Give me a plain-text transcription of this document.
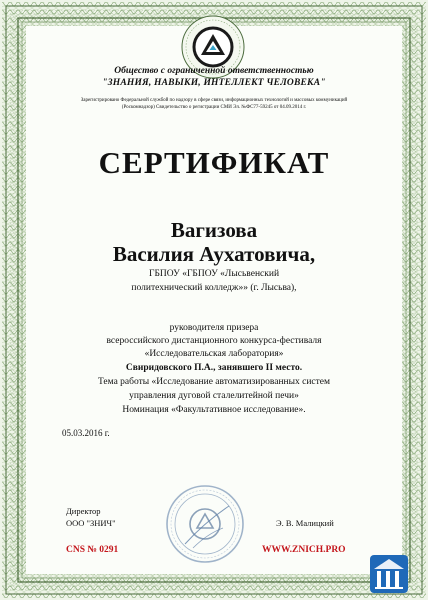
Общество с ограниченной ответственностью
"ЗНАНИЯ, НАВЫКИ, ИНТЕЛЛЕКТ ЧЕЛОВЕКА"
Зарегистрировано Федеральной службой по надзору в сфере связи, информационных технологий и массовых коммуникаций (Роскомнадзор) Свидетельство о регистрации СМИ Эл. №ФС77-59245 от 04.09.2014 г.
СЕРТИФИКАТ
Вагизова
Василия Аухатовича,
ГБПОУ «ГБПОУ «Лысьвенский
политехнический колледж»» (г. Лысьва),
руководителя призера
всероссийского дистанционного конкурса-фестиваля
«Исследовательская лаборатория»
Свиридовского П.А., занявшего II место.
Тема работы «Исследование автоматизированных систем
управления дуговой сталелитейной печи»
Номинация «Факультативное исследование».
05.03.2016 г.
Директор
ООО "ЗНИЧ"	Э. В. Малицкий
CNS № 0291	WWW.ZNICH.PRO
